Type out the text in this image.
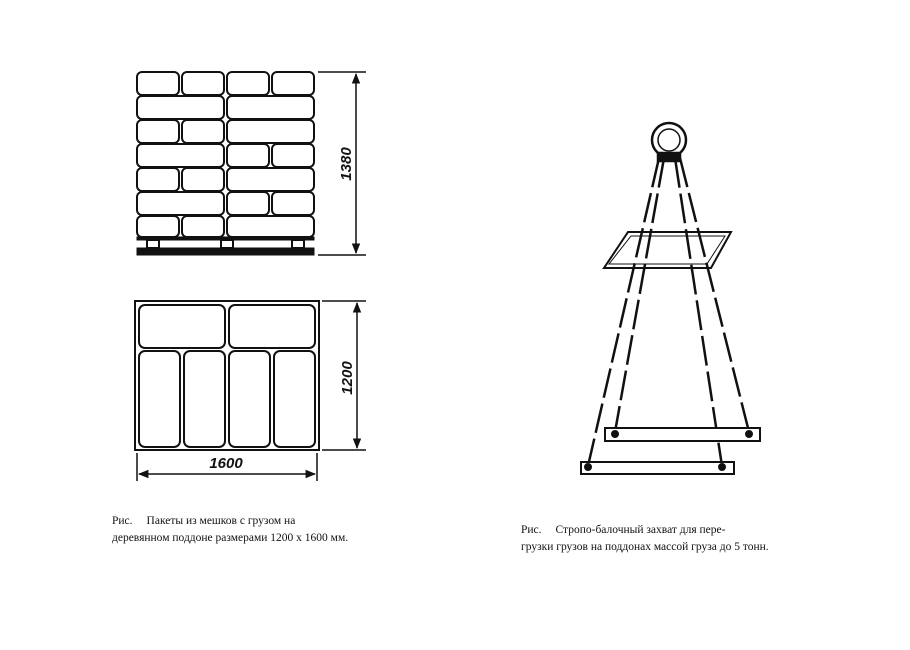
1380
1200
1600
Рис. Пакеты из мешков с грузом на
деревянном поддоне размерами 1200 х 1600 мм.
Рис. Стропо-балочный захват для пере-
грузки грузов на поддонах массой груза до 5 тонн.
